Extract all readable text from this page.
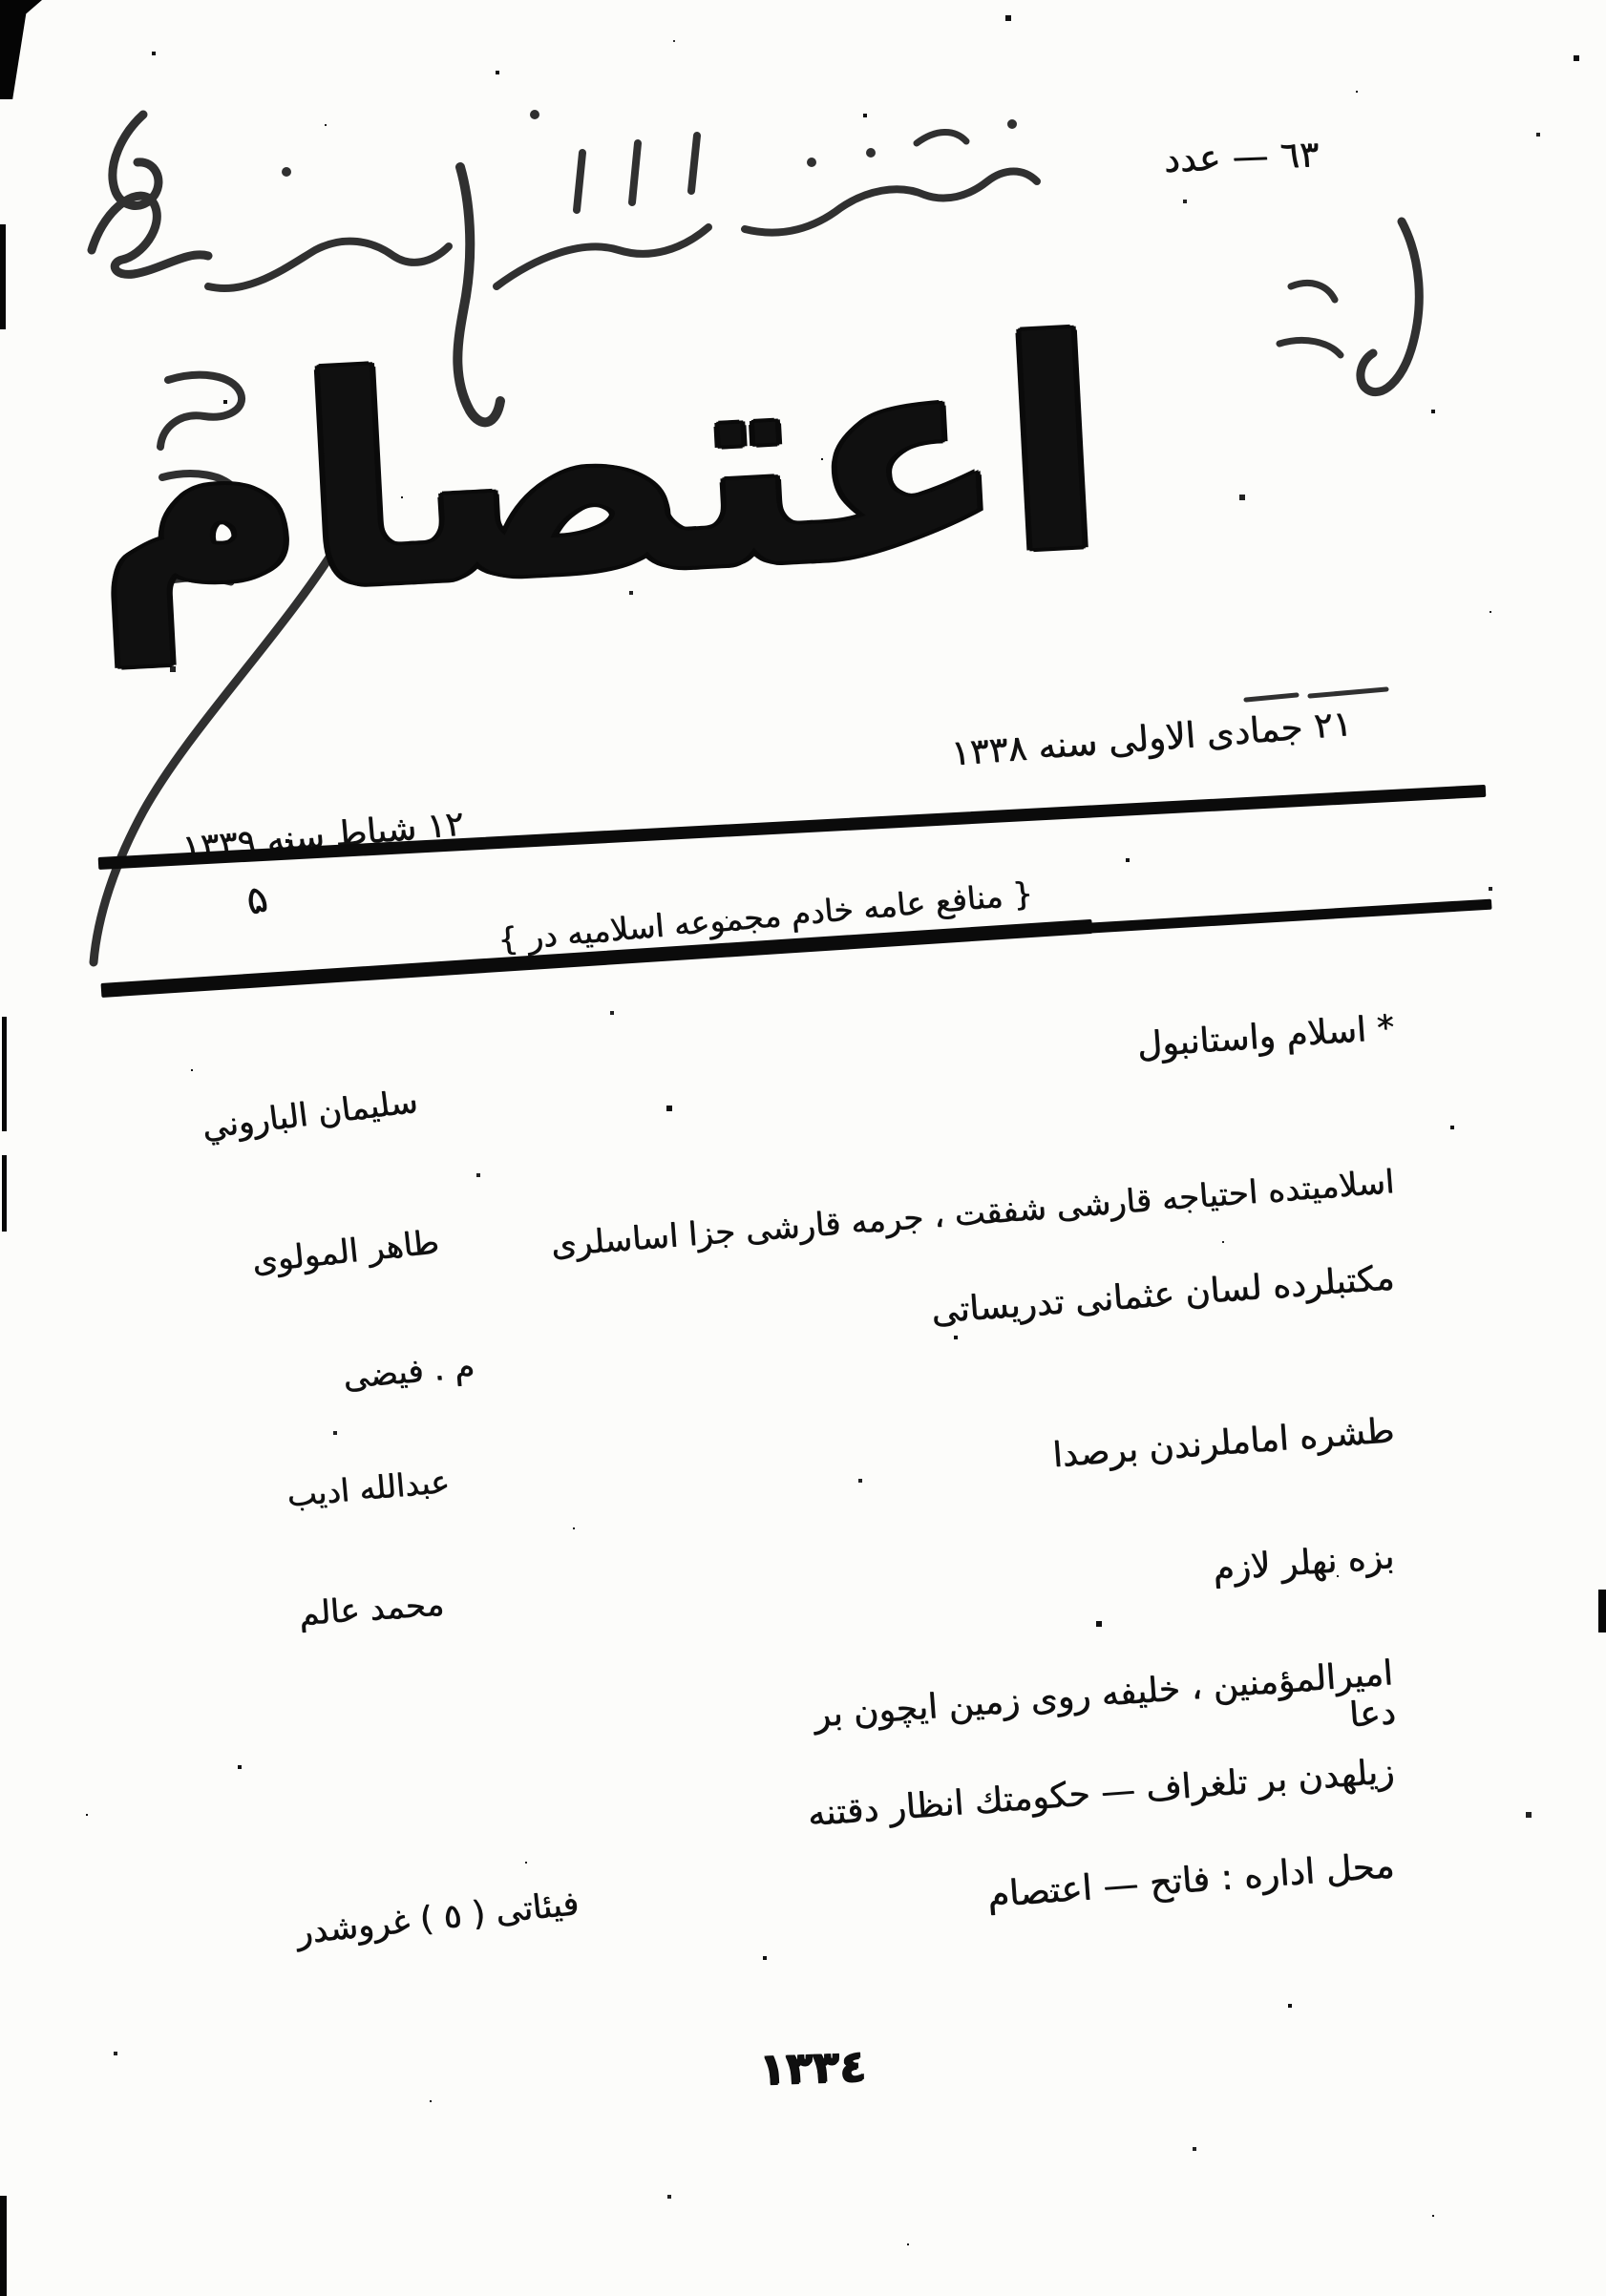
٦٣ — عدد
اعتصام
٢١ جمادى الاولى سنه ١٣٣٨
١٢ شباط سنه ١٣٣٩
{ منافع عامه خادم مجموعه اسلاميه در }
۵
* اسلام واستانبول
سليمان الباروني
اسلاميتده احتياجه قارشى شفقت ، جرمه قارشى جزا اساسلرى
طاهر المولوى
مكتبلرده لسان عثمانى تدريساتى
م . فيضى
طشره اماملرندن برصدا
عبدالله اديب
بزه نهلر لازم
محمد عالم
اميرالمؤمنين ، خليفه روى زمين ايچون بر دعا
زيلهدن بر تلغراف — حكومتك انظار دقتنه
محل اداره : فاتح — اعتصام
فيئاتى ( ٥ ) غروشدر
١٣٣٤
